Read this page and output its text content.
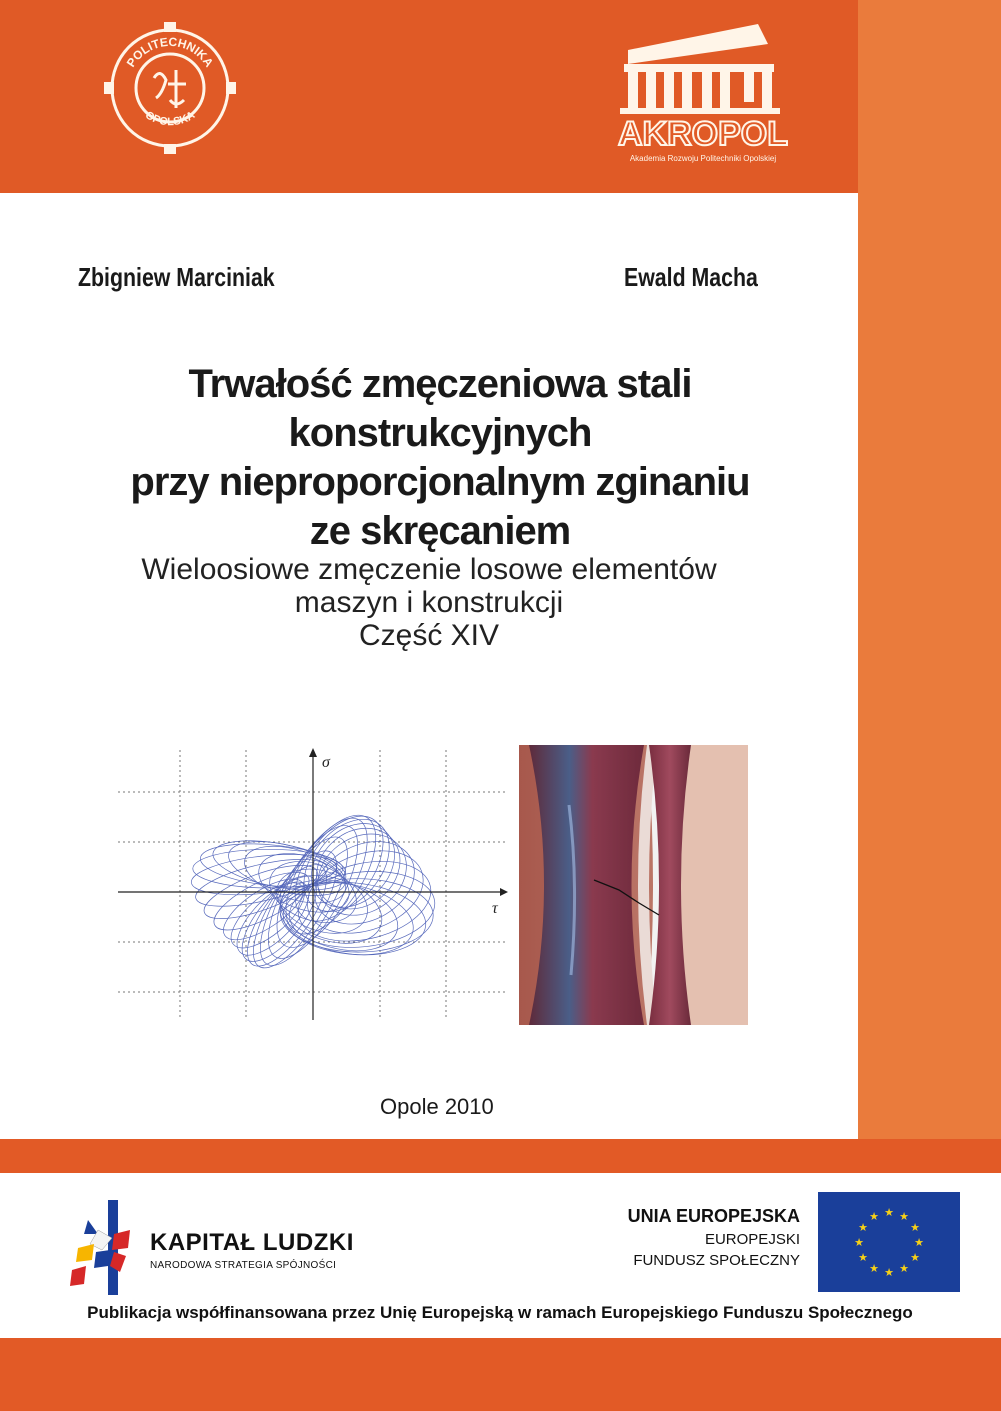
POLITECHNIKA
OPOLSKA	AKROPOL
Akademia Rozwoju Politechniki Opolskiej
Zbigniew Marciniak	Ewald Macha
Trwałość zmęczeniowa stali konstrukcyjnych
przy nieproporcjonalnym zginaniu
ze skręcaniem
Wieloosiowe zmęczenie losowe elementów
maszyn i konstrukcji
Część XIV
σ
τ
Opole 2010
KAPITAŁ LUDZKI
NARODOWA STRATEGIA SPÓJNOŚCI
UNIA EUROPEJSKA
EUROPEJSKI
FUNDUSZ SPOŁECZNY
★
★
★
★
★
★
★
★
★ ★ ★
★
Publikacja współfinansowana przez Unię Europejską w ramach Europejskiego Funduszu Społecznego
